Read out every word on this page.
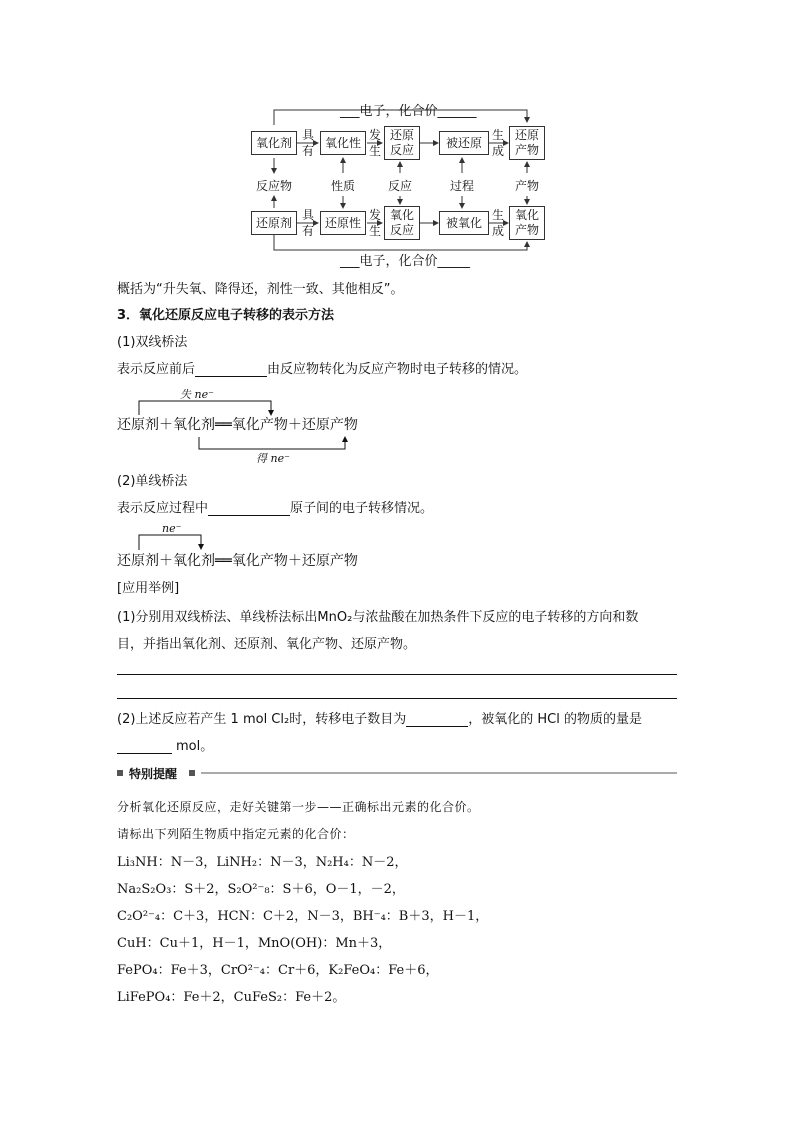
___电子，化合价______
___电子，化合价_____
氧化剂	氧化性
还原
反应
被还原
还原
产物
具
有
发
生
生
成
反应物	性质	反应	过程	产物
还原剂	还原性
氧化
反应
被氧化
氧化
产物
具
有
发
生
生
成
概括为“升失氧、降得还，剂性一致、其他相反”。
3．氧化还原反应电子转移的表示方法
(1)双线桥法
表示反应前后	由反应物转化为反应产物时电子转移的情况。
失 ne⁻
还原剂＋氧化剂══氧化产物＋还原产物
得 ne⁻
(2)单线桥法
表示反应过程中	原子间的电子转移情况。
ne⁻
还原剂＋氧化剂══氧化产物＋还原产物
[应用举例]
(1)分别用双线桥法、单线桥法标出MnO₂与浓盐酸在加热条件下反应的电子转移的方向和数
目，并指出氧化剂、还原剂、氧化产物、还原产物。
(2)上述反应若产生 1 mol Cl₂时，转移电子数目为	，被氧化的 HCl 的物质的量是
mol。
特别提醒
分析氧化还原反应，走好关键第一步——正确标出元素的化合价。
请标出下列陌生物质中指定元素的化合价：
Li₃NH：N－3，LiNH₂：N－3，N₂H₄：N－2，
Na₂S₂O₃：S＋2，S₂O²⁻₈：S＋6，O－1，－2，
C₂O²⁻₄：C＋3，HCN：C＋2，N－3，BH⁻₄：B＋3，H－1，
CuH：Cu＋1，H－1，MnO(OH)：Mn＋3，
FePO₄：Fe＋3，CrO²⁻₄：Cr＋6，K₂FeO₄：Fe＋6，
LiFePO₄：Fe＋2，CuFeS₂：Fe＋2。
